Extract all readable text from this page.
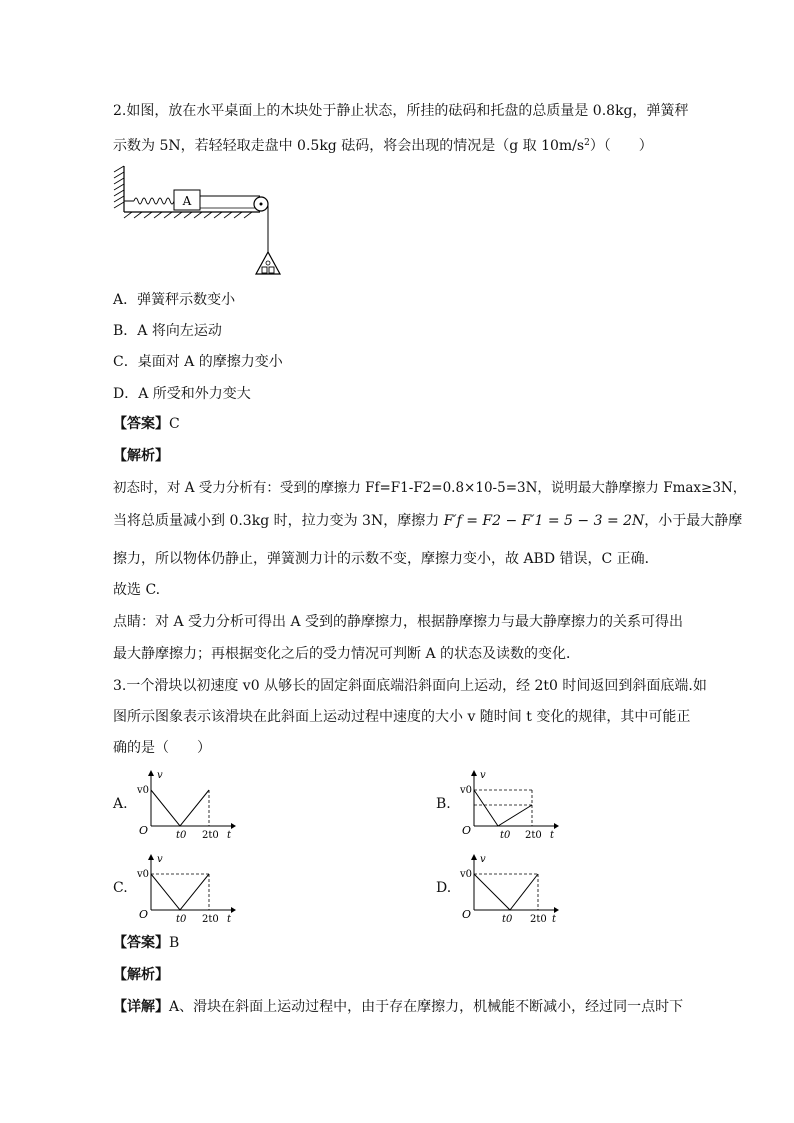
2.如图，放在水平桌面上的木块处于静止状态，所挂的砝码和托盘的总质量是 0.8kg，弹簧秤
示数为 5N，若轻轻取走盘中 0.5kg 砝码，将会出现的情况是（g 取 $10m/s^2$）（　　）
A
A．弹簧秤示数变小
B．A 将向左运动
C．桌面对 A 的摩擦力变小
D．A 所受和外力变大
【答案】C
【解析】
初态时，对 A 受力分析有：受到的摩擦力 Ff=F1-F2=0.8×10-5=3N，说明最大静摩擦力 Fmax≥3N，
当将总质量减小到 0.3kg 时，拉力变为 3N，摩擦力 F′f = F2 − F′1 = 5 − 3 = 2N，小于最大静摩
擦力，所以物体仍静止，弹簧测力计的示数不变，摩擦力变小，故 ABD 错误，C 正确．
故选 C.
点睛：对 A 受力分析可得出 A 受到的静摩擦力，根据静摩擦力与最大静摩擦力的关系可得出
最大静摩擦力；再根据变化之后的受力情况可判断 A 的状态及读数的变化．
3.一个滑块以初速度 v0 从够长的固定斜面底端沿斜面向上运动，经 2t0 时间返回到斜面底端.如
图所示图象表示该滑块在此斜面上运动过程中速度的大小 v 随时间 t 变化的规律，其中可能正
确的是（　　）
A.	B.
C.	D.
v
v0
O	t0 2t0 t
v
v0
O	t0 2t0 t
v
v0
O	t0 2t0 t
v
v0
O	t0 2t0 t
【答案】B
【解析】
【详解】A、滑块在斜面上运动过程中，由于存在摩擦力，机械能不断减小，经过同一点时下
